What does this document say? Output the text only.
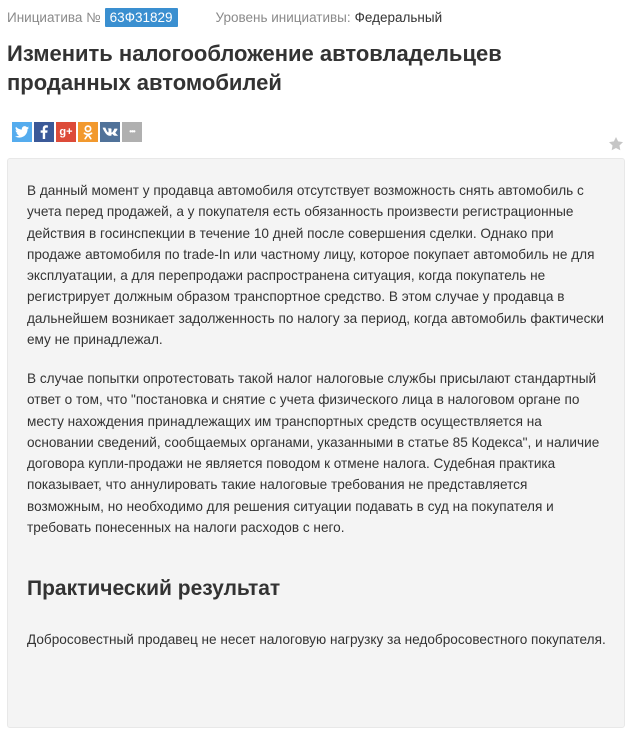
Инициатива № 63Ф31829	Уровень инициативы: Федеральный
Изменить налогообложение автовладельцев проданных автомобилей
g+	•••

В данный момент у продавца автомобиля отсутствует возможность снять автомобиль с учета перед продажей, а у покупателя есть обязанность произвести регистрационные действия в госинспекции в течение 10 дней после совершения сделки. Однако при продаже автомобиля по trade-In или частному лицу, которое покупает автомобиль не для эксплуатации, а для перепродажи распространена ситуация, когда покупатель не регистрирует должным образом транспортное средство. В этом случае у продавца в дальнейшем возникает задолженность по налогу за период, когда автомобиль фактически ему не принадлежал.

В случае попытки опротестовать такой налог налоговые службы присылают стандартный ответ о том, что "постановка и снятие с учета физического лица в налоговом органе по месту нахождения принадлежащих им транспортных средств осуществляется на основании сведений, сообщаемых органами, указанными в статье 85 Кодекса", и наличие договора купли-продажи не является поводом к отмене налога. Судебная практика показывает, что аннулировать такие налоговые требования не представляется возможным, но необходимо для решения ситуации подавать в суд на покупателя и требовать понесенных на налоги расходов с него.

Практический результат

Добросовестный продавец не несет налоговую нагрузку за недобросовестного покупателя.
